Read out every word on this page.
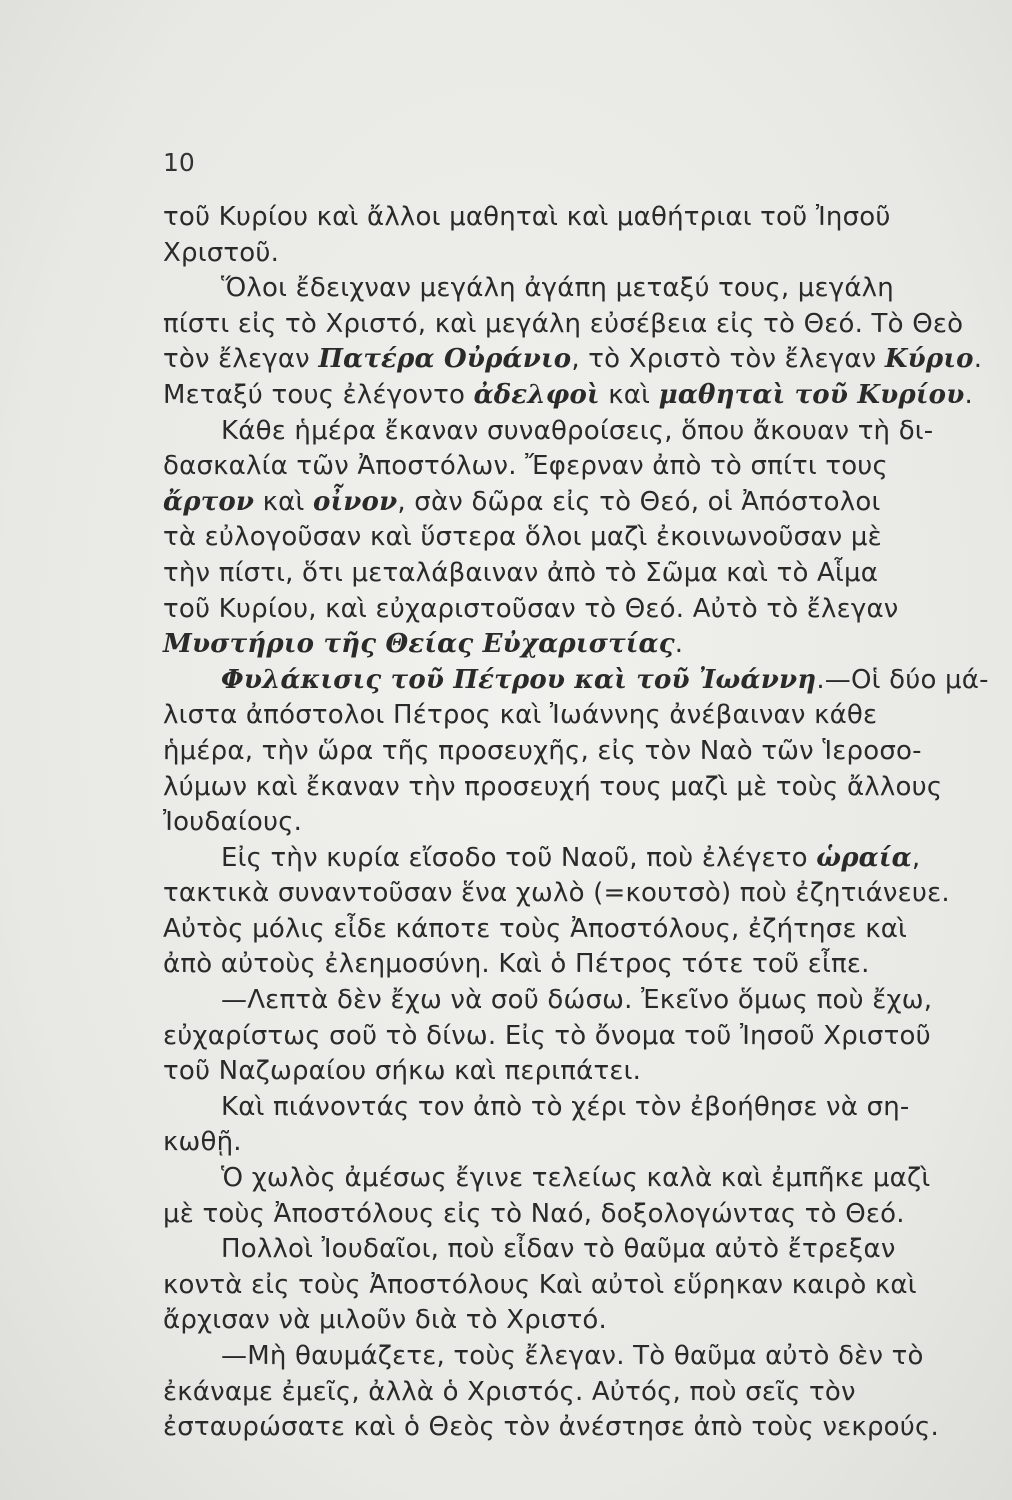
10
τοῦ Κυρίου καὶ ἄλλοι μαθηταὶ καὶ μαθήτριαι τοῦ Ἰησοῦ
Χριστοῦ.
Ὅλοι ἔδειχναν μεγάλη ἀγάπη μεταξύ τους, μεγάλη
πίστι εἰς τὸ Χριστό, καὶ μεγάλη εὐσέβεια εἰς τὸ Θεό. Τὸ Θεὸ
τὸν ἔλεγαν Πατέρα Οὐράνιο, τὸ Χριστὸ τὸν ἔλεγαν Κύριο.
Μεταξύ τους ἐλέγοντο ἀδελφοὶ καὶ μαθηταὶ τοῦ Κυρίου.
Κάθε ἡμέρα ἔκαναν συναθροίσεις, ὅπου ἄκουαν τὴ δι-
δασκαλία τῶν Ἀποστόλων. Ἔφερναν ἀπὸ τὸ σπίτι τους
ἄρτον καὶ οἶνον, σὰν δῶρα εἰς τὸ Θεό, οἱ Ἀπόστολοι
τὰ εὐλογοῦσαν καὶ ὕστερα ὅλοι μαζὶ ἐκοινωνοῦσαν μὲ
τὴν πίστι, ὅτι μεταλάβαιναν ἀπὸ τὸ Σῶμα καὶ τὸ Αἷμα
τοῦ Κυρίου, καὶ εὐχαριστοῦσαν τὸ Θεό. Αὐτὸ τὸ ἔλεγαν
Μυστήριο τῆς Θείας Εὐχαριστίας.
Φυλάκισις τοῦ Πέτρου καὶ τοῦ Ἰωάννη.—Οἱ δύο μά-
λιστα ἀπόστολοι Πέτρος καὶ Ἰωάννης ἀνέβαιναν κάθε
ἡμέρα, τὴν ὥρα τῆς προσευχῆς, εἰς τὸν Ναὸ τῶν Ἱεροσο-
λύμων καὶ ἔκαναν τὴν προσευχή τους μαζὶ μὲ τοὺς ἄλλους
Ἰουδαίους.
Εἰς τὴν κυρία εἴσοδο τοῦ Ναοῦ, ποὺ ἐλέγετο ὡραία,
τακτικὰ συναντοῦσαν ἕνα χωλὸ (=κουτσὸ) ποὺ ἐζητιάνευε.
Αὐτὸς μόλις εἶδε κάποτε τοὺς Ἀποστόλους, ἐζήτησε καὶ
ἀπὸ αὐτοὺς ἐλεημοσύνη. Καὶ ὁ Πέτρος τότε τοῦ εἶπε.
—Λεπτὰ δὲν ἔχω νὰ σοῦ δώσω. Ἐκεῖνο ὅμως ποὺ ἔχω,
εὐχαρίστως σοῦ τὸ δίνω. Εἰς τὸ ὄνομα τοῦ Ἰησοῦ Χριστοῦ
τοῦ Ναζωραίου σήκω καὶ περιπάτει.
Καὶ πιάνοντάς τον ἀπὸ τὸ χέρι τὸν ἐβοήθησε νὰ ση-
κωθῇ.
Ὁ χωλὸς ἀμέσως ἔγινε τελείως καλὰ καὶ ἐμπῆκε μαζὶ
μὲ τοὺς Ἀποστόλους εἰς τὸ Ναό, δοξολογώντας τὸ Θεό.
Πολλοὶ Ἰουδαῖοι, ποὺ εἶδαν τὸ θαῦμα αὐτὸ ἔτρεξαν
κοντὰ εἰς τοὺς Ἀποστόλους Καὶ αὐτοὶ εὕρηκαν καιρὸ καὶ
ἄρχισαν νὰ μιλοῦν διὰ τὸ Χριστό.
—Μὴ θαυμάζετε, τοὺς ἔλεγαν. Τὸ θαῦμα αὐτὸ δὲν τὸ
ἐκάναμε ἐμεῖς, ἀλλὰ ὁ Χριστός. Αὐτός, ποὺ σεῖς τὸν
ἐσταυρώσατε καὶ ὁ Θεὸς τὸν ἀνέστησε ἀπὸ τοὺς νεκρούς.
